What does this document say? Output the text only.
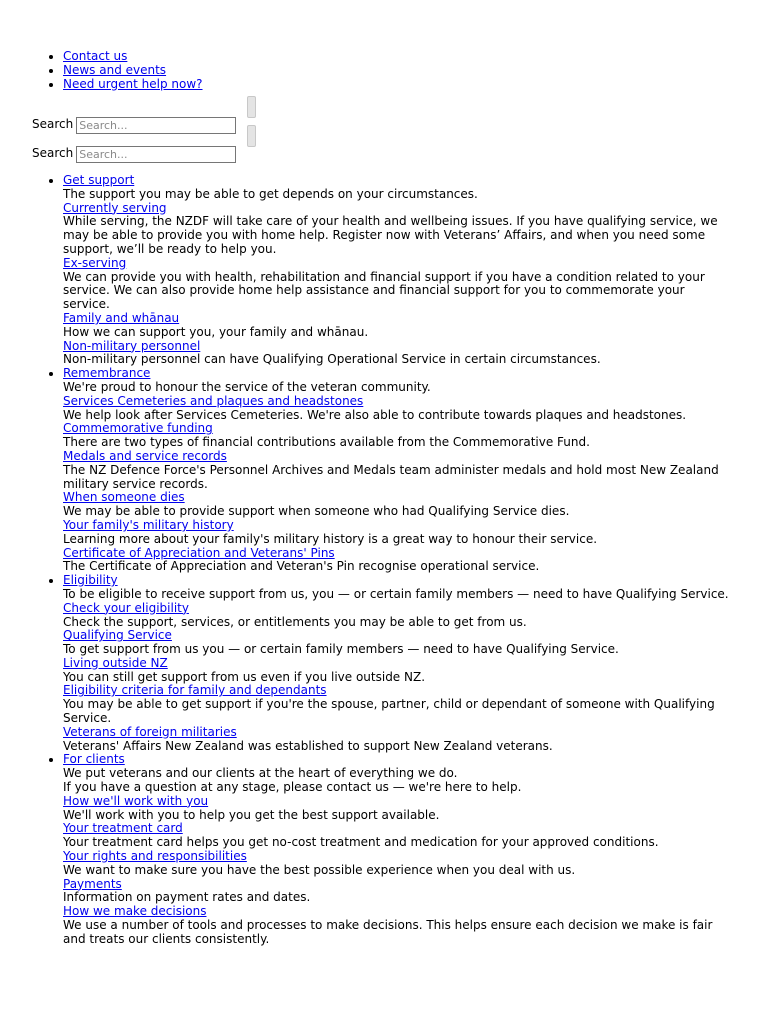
• Contact us
• News and events
• Need urgent help now?
Search
Search...
Search
Search...
• Get support
The support you may be able to get depends on your circumstances.
Currently serving
While serving, the NZDF will take care of your health and wellbeing issues. If you have qualifying service, we may be able to provide you with home help. Register now with Veterans’ Affairs, and when you need some support, we’ll be ready to help you.
Ex-serving
We can provide you with health, rehabilitation and financial support if you have a condition related to your service. We can also provide home help assistance and financial support for you to commemorate your service.
Family and whānau
How we can support you, your family and whānau.
Non-military personnel
Non-military personnel can have Qualifying Operational Service in certain circumstances.
• Remembrance
We're proud to honour the service of the veteran community.
Services Cemeteries and plaques and headstones
We help look after Services Cemeteries. We're also able to contribute towards plaques and headstones.
Commemorative funding
There are two types of financial contributions available from the Commemorative Fund.
Medals and service records
The NZ Defence Force's Personnel Archives and Medals team administer medals and hold most New Zealand military service records.
When someone dies
We may be able to provide support when someone who had Qualifying Service dies.
Your family's military history
Learning more about your family's military history is a great way to honour their service.
Certificate of Appreciation and Veterans' Pins
The Certificate of Appreciation and Veteran's Pin recognise operational service.
• Eligibility
To be eligible to receive support from us, you — or certain family members — need to have Qualifying Service.
Check your eligibility
Check the support, services, or entitlements you may be able to get from us.
Qualifying Service
To get support from us you — or certain family members — need to have Qualifying Service.
Living outside NZ
You can still get support from us even if you live outside NZ.
Eligibility criteria for family and dependants
You may be able to get support if you're the spouse, partner, child or dependant of someone with Qualifying Service.
Veterans of foreign militaries
Veterans' Affairs New Zealand was established to support New Zealand veterans.
• For clients
We put veterans and our clients at the heart of everything we do.
If you have a question at any stage, please contact us — we're here to help.
How we'll work with you
We'll work with you to help you get the best support available.
Your treatment card
Your treatment card helps you get no-cost treatment and medication for your approved conditions.
Your rights and responsibilities
We want to make sure you have the best possible experience when you deal with us.
Payments
Information on payment rates and dates.
How we make decisions
We use a number of tools and processes to make decisions. This helps ensure each decision we make is fair and treats our clients consistently.
